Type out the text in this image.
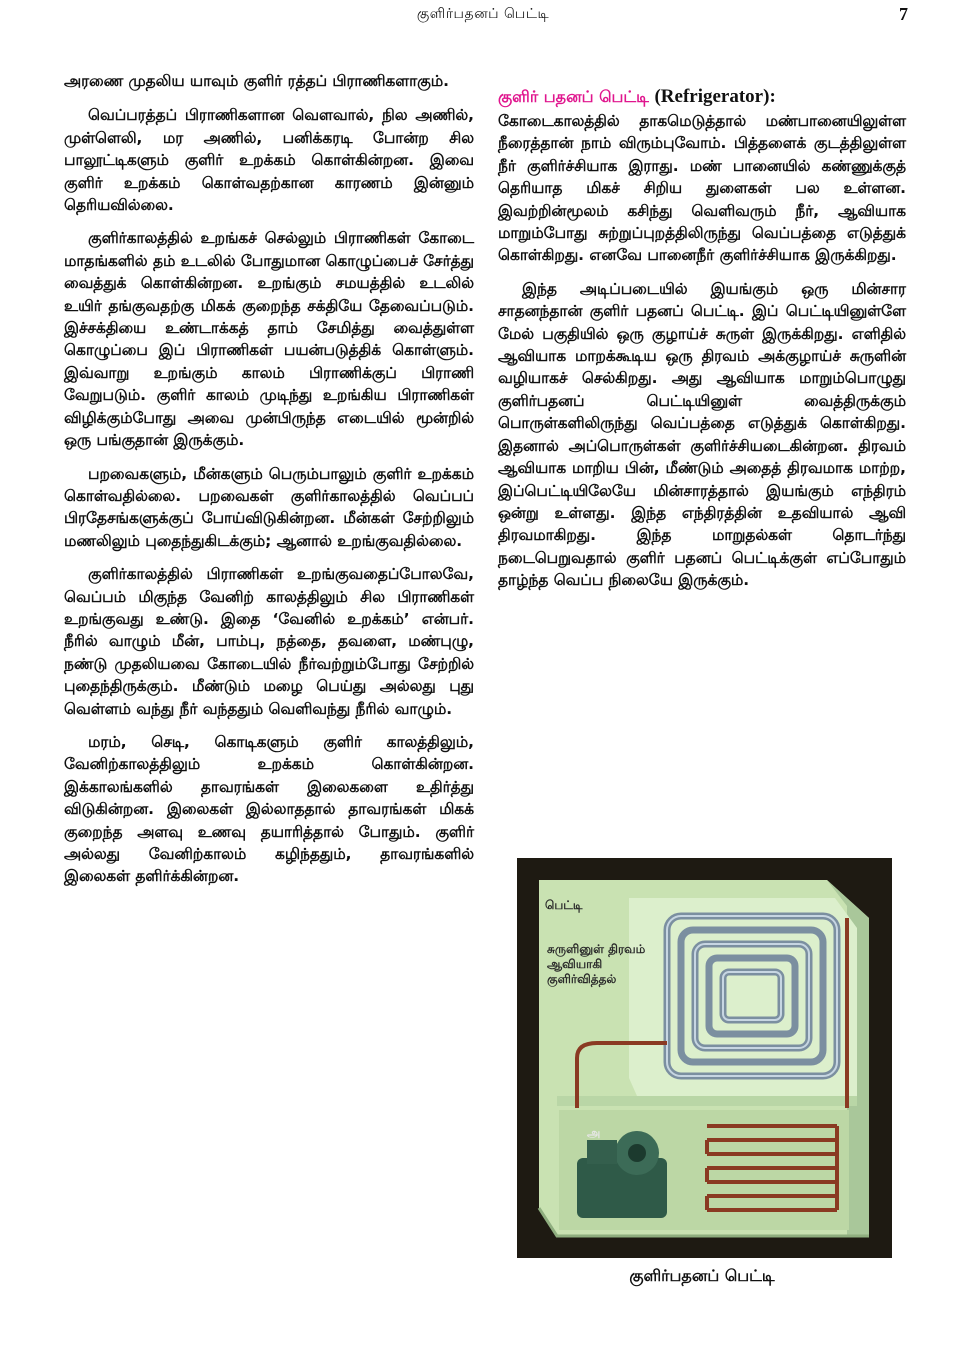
குளிர்பதனப் பெட்டி	7

அரணை முதலிய யாவும் குளிர் ரத்தப் பிராணிகளாகும்.

வெப்பரத்தப் பிராணிகளான வௌவால், நில அணில், முள்ளெலி, மர அணில், பனிக்கரடி போன்ற சில பாலூட்டிகளும் குளிர் உறக்கம் கொள்கின்றன. இவை குளிர் உறக்கம் கொள்வதற்கான காரணம் இன்னும் தெரியவில்லை.

குளிர்காலத்தில் உறங்கச் செல்லும் பிராணிகள் கோடை மாதங்களில் தம் உடலில் போதுமான கொழுப்பைச் சேர்த்து வைத்துக் கொள்கின்றன. உறங்கும் சமயத்தில் உடலில் உயிர் தங்குவதற்கு மிகக் குறைந்த சக்தியே தேவைப்படும். இச்சக்தியை உண்டாக்கத் தாம் சேமித்து வைத்துள்ள கொழுப்பை இப் பிராணிகள் பயன்படுத்திக் கொள்ளும். இவ்வாறு உறங்கும் காலம் பிராணிக்குப் பிராணி வேறுபடும். குளிர் காலம் முடிந்து உறங்கிய பிராணிகள் விழிக்கும்போது அவை முன்பிருந்த எடையில் மூன்றில் ஒரு பங்குதான் இருக்கும்.

பறவைகளும், மீன்களும் பெரும்பாலும் குளிர் உறக்கம் கொள்வதில்லை. பறவைகள் குளிர்காலத்தில் வெப்பப் பிரதேசங்களுக்குப் போய்விடுகின்றன. மீன்கள் சேற்றிலும் மணலிலும் புதைந்துகிடக்கும்; ஆனால் உறங்குவதில்லை.

குளிர்காலத்தில் பிராணிகள் உறங்குவதைப்போலவே, வெப்பம் மிகுந்த வேனிற் காலத்திலும் சில பிராணிகள் உறங்குவது உண்டு. இதை ‘வேனில் உறக்கம்’ என்பர். நீரில் வாழும் மீன், பாம்பு, நத்தை, தவளை, மண்புழு, நண்டு முதலியவை கோடையில் நீர்வற்றும்போது சேற்றில் புதைந்திருக்கும். மீண்டும் மழை பெய்து அல்லது புது வெள்ளம் வந்து நீர் வந்ததும் வெளிவந்து நீரில் வாழும்.

மரம், செடி, கொடிகளும் குளிர் காலத்திலும், வேனிற்காலத்திலும் உறக்கம் கொள்கின்றன. இக்காலங்களில் தாவரங்கள் இலைகளை உதிர்த்து விடுகின்றன. இலைகள் இல்லாததால் தாவரங்கள் மிகக் குறைந்த அளவு உணவு தயாரித்தால் போதும். குளிர் அல்லது வேனிற்காலம் கழிந்ததும், தாவரங்களில் இலைகள் தளிர்க்கின்றன.

குளிர் பதனப் பெட்டி (Refrigerator):

கோடைகாலத்தில் தாகமெடுத்தால் மண்பானையிலுள்ள நீரைத்தான் நாம் விரும்புவோம். பித்தளைக் குடத்திலுள்ள நீர் குளிர்ச்சியாக இராது. மண் பானையில் கண்ணுக்குத் தெரியாத மிகச் சிறிய துளைகள் பல உள்ளன. இவற்றின்மூலம் கசிந்து வெளிவரும் நீர், ஆவியாக மாறும்போது சுற்றுப்புறத்திலிருந்து வெப்பத்தை எடுத்துக் கொள்கிறது. எனவே பானைநீர் குளிர்ச்சியாக இருக்கிறது.

இந்த அடிப்படையில் இயங்கும் ஒரு மின்சார சாதனந்தான் குளிர் பதனப் பெட்டி. இப் பெட்டியினுள்ளே மேல் பகுதியில் ஒரு குழாய்ச் சுருள் இருக்கிறது. எளிதில் ஆவியாக மாறக்கூடிய ஒரு திரவம் அக்குழாய்ச் சுருளின் வழியாகச் செல்கிறது. அது ஆவியாக மாறும்பொழுது குளிர்பதனப் பெட்டியினுள் வைத்திருக்கும் பொருள்களிலிருந்து வெப்பத்தை எடுத்துக் கொள்கிறது. இதனால் அப்பொருள்கள் குளிர்ச்சியடைகின்றன. திரவம் ஆவியாக மாறிய பின், மீண்டும் அதைத் திரவமாக மாற்ற, இப்பெட்டியிலேயே மின்சாரத்தால் இயங்கும் எந்திரம் ஒன்று உள்ளது. இந்த எந்திரத்தின் உதவியால் ஆவி திரவமாகிறது. இந்த மாறுதல்கள் தொடர்ந்து நடைபெறுவதால் குளிர் பதனப் பெட்டிக்குள் எப்போதும் தாழ்ந்த வெப்ப நிலையே இருக்கும்.

பெட்டி
சுருளினுள் திரவம் ஆவியாகி குளிர்வித்தல்
அ
குளிர்பதனப் பெட்டி
